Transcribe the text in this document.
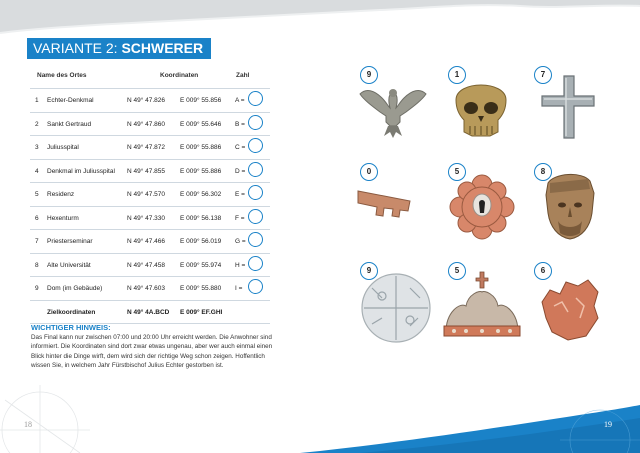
VARIANTE 2: SCHWERER
Name des Ortes	Koordinaten	Zahl
1 Echter-Denkmal	N 49° 47.826 E 009° 55.856 A =
2 Sankt Gertraud	N 49° 47.860 E 009° 55.646 B =
3 Juliusspital	N 49° 47.872 E 009° 55.886 C =
4 Denkmal im Juliusspital N 49° 47.855 E 009° 55.886 D =
5 Residenz	N 49° 47.570 E 009° 56.302 E =
6 Hexenturm	N 49° 47.330 E 009° 56.138 F =
7 Priesterseminar	N 49° 47.466 E 009° 56.019 G =
8 Alte Universität	N 49° 47.458 E 009° 55.974 H =
9 Dom (im Gebäude)	N 49° 47.603 E 009° 55.880 I =
Zielkoordinaten	N 49° 4A.BCD E 009° EF.GHI
WICHTIGER HINWEIS:
Das Final kann nur zwischen 07:00 und 20:00 Uhr erreicht werden. Die Anwohner sind informiert. Die Koordinaten sind dort zwar etwas ungenau, aber wer auch einmal einen Blick hinter die Dinge wirft, dem wird sich der richtige Weg schon zeigen. Hoffentlich wissen Sie, in welchem Jahr Fürstbischof Julius Echter gestorben ist.
18	19
9	1	7
0	5	8
9	5	6
